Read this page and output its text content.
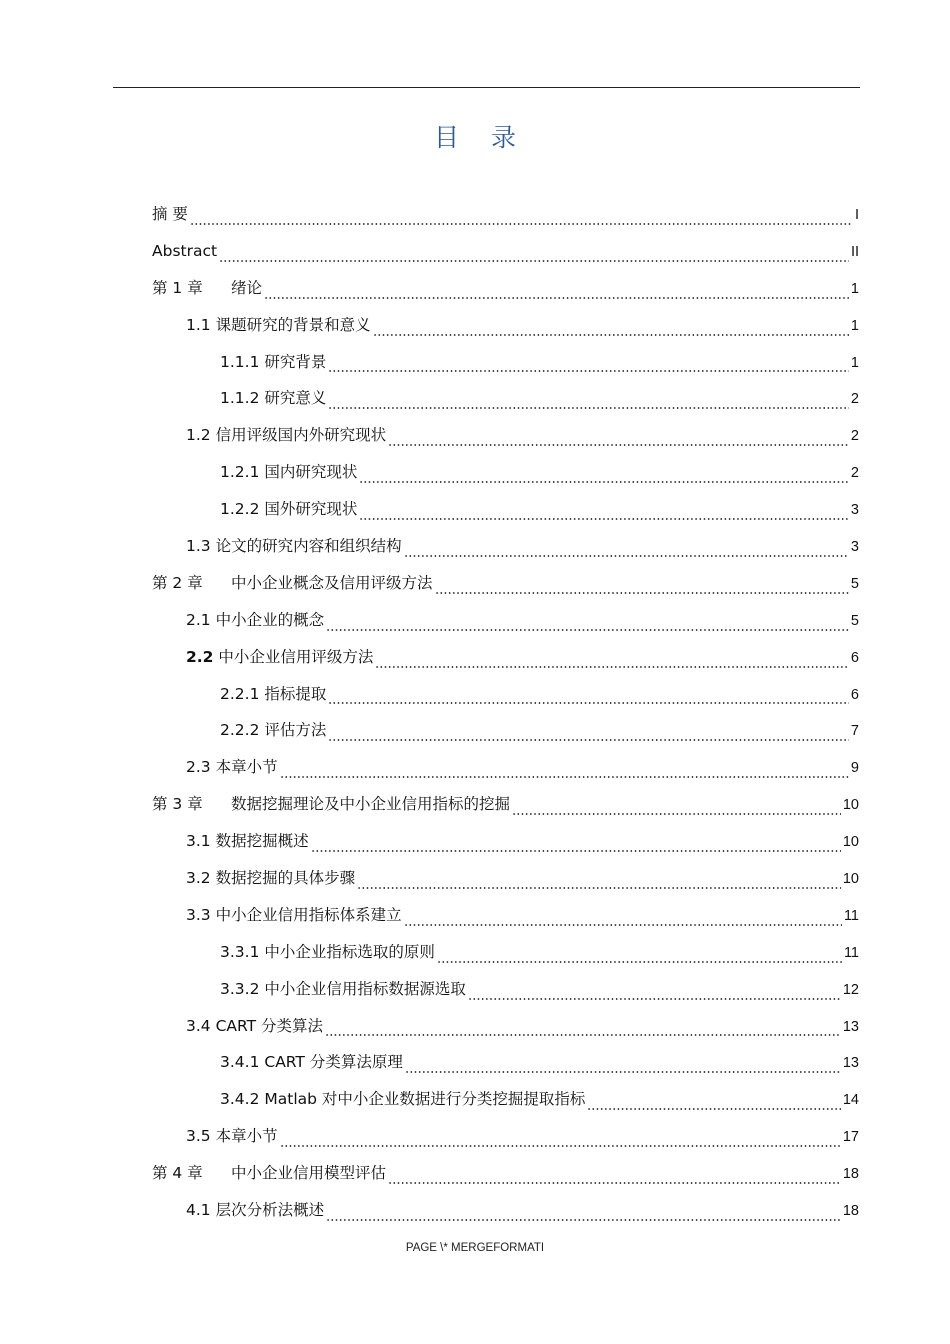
目 录
摘 要	I
Abstract	II
第 1 章	绪论	1
1.1 课题研究的背景和意义	1
1.1.1 研究背景	1
1.1.2 研究意义	2
1.2 信用评级国内外研究现状	2
1.2.1 国内研究现状	2
1.2.2 国外研究现状	3
1.3 论文的研究内容和组织结构	3
第 2 章	中小企业概念及信用评级方法	5
2.1 中小企业的概念	5
2.2 中小企业信用评级方法	6
2.2.1 指标提取	6
2.2.2 评估方法	7
2.3 本章小节	9
第 3 章	数据挖掘理论及中小企业信用指标的挖掘	10
3.1 数据挖掘概述	10
3.2 数据挖掘的具体步骤	10
3.3 中小企业信用指标体系建立	11
3.3.1 中小企业指标选取的原则	11
3.3.2 中小企业信用指标数据源选取	12
3.4 CART 分类算法	13
3.4.1 CART 分类算法原理	13
3.4.2 Matlab 对中小企业数据进行分类挖掘提取指标	14
3.5 本章小节	17
第 4 章	中小企业信用模型评估	18
4.1 层次分析法概述	18
PAGE \* MERGEFORMATI
